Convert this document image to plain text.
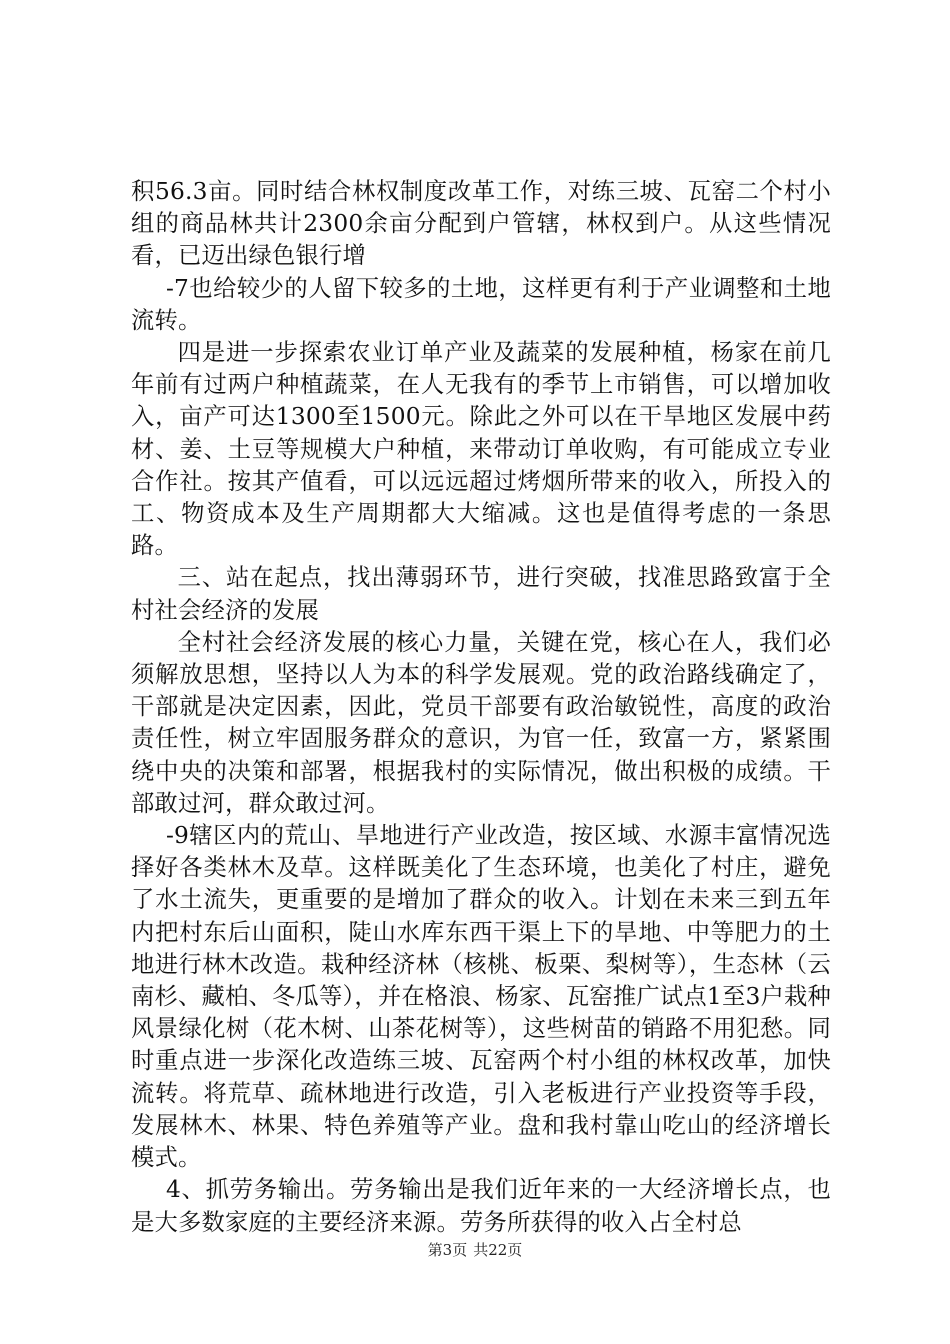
积56.3亩。同时结合林权制度改革工作，对练三坡、瓦窑二个村小组的商品林共计2300余亩分配到户管辖，林权到户。从这些情况看，已迈出绿色银行增

-7也给较少的人留下较多的土地，这样更有利于产业调整和土地流转。

四是进一步探索农业订单产业及蔬菜的发展种植，杨家在前几年前有过两户种植蔬菜，在人无我有的季节上市销售，可以增加收入，亩产可达1300至1500元。除此之外可以在干旱地区发展中药材、姜、土豆等规模大户种植，来带动订单收购，有可能成立专业合作社。按其产值看，可以远远超过烤烟所带来的收入，所投入的工、物资成本及生产周期都大大缩减。这也是值得考虑的一条思路。

三、站在起点，找出薄弱环节，进行突破，找准思路致富于全村社会经济的发展

全村社会经济发展的核心力量，关键在党，核心在人，我们必须解放思想，坚持以人为本的科学发展观。党的政治路线确定了，干部就是决定因素，因此，党员干部要有政治敏锐性，高度的政治责任性，树立牢固服务群众的意识，为官一任，致富一方，紧紧围绕中央的决策和部署，根据我村的实际情况，做出积极的成绩。干部敢过河，群众敢过河。

-9辖区内的荒山、旱地进行产业改造，按区域、水源丰富情况选择好各类林木及草。这样既美化了生态环境，也美化了村庄，避免了水土流失，更重要的是增加了群众的收入。计划在未来三到五年内把村东后山面积，陡山水库东西干渠上下的旱地、中等肥力的土地进行林木改造。栽种经济林（核桃、板栗、梨树等），生态林（云南杉、藏柏、冬瓜等），并在格浪、杨家、瓦窑推广试点1至3户栽种风景绿化树（花木树、山茶花树等），这些树苗的销路不用犯愁。同时重点进一步深化改造练三坡、瓦窑两个村小组的林权改革，加快流转。将荒草、疏林地进行改造，引入老板进行产业投资等手段，发展林木、林果、特色养殖等产业。盘和我村靠山吃山的经济增长模式。

4、抓劳务输出。劳务输出是我们近年来的一大经济增长点，也是大多数家庭的主要经济来源。劳务所获得的收入占全村总

第3页 共22页
